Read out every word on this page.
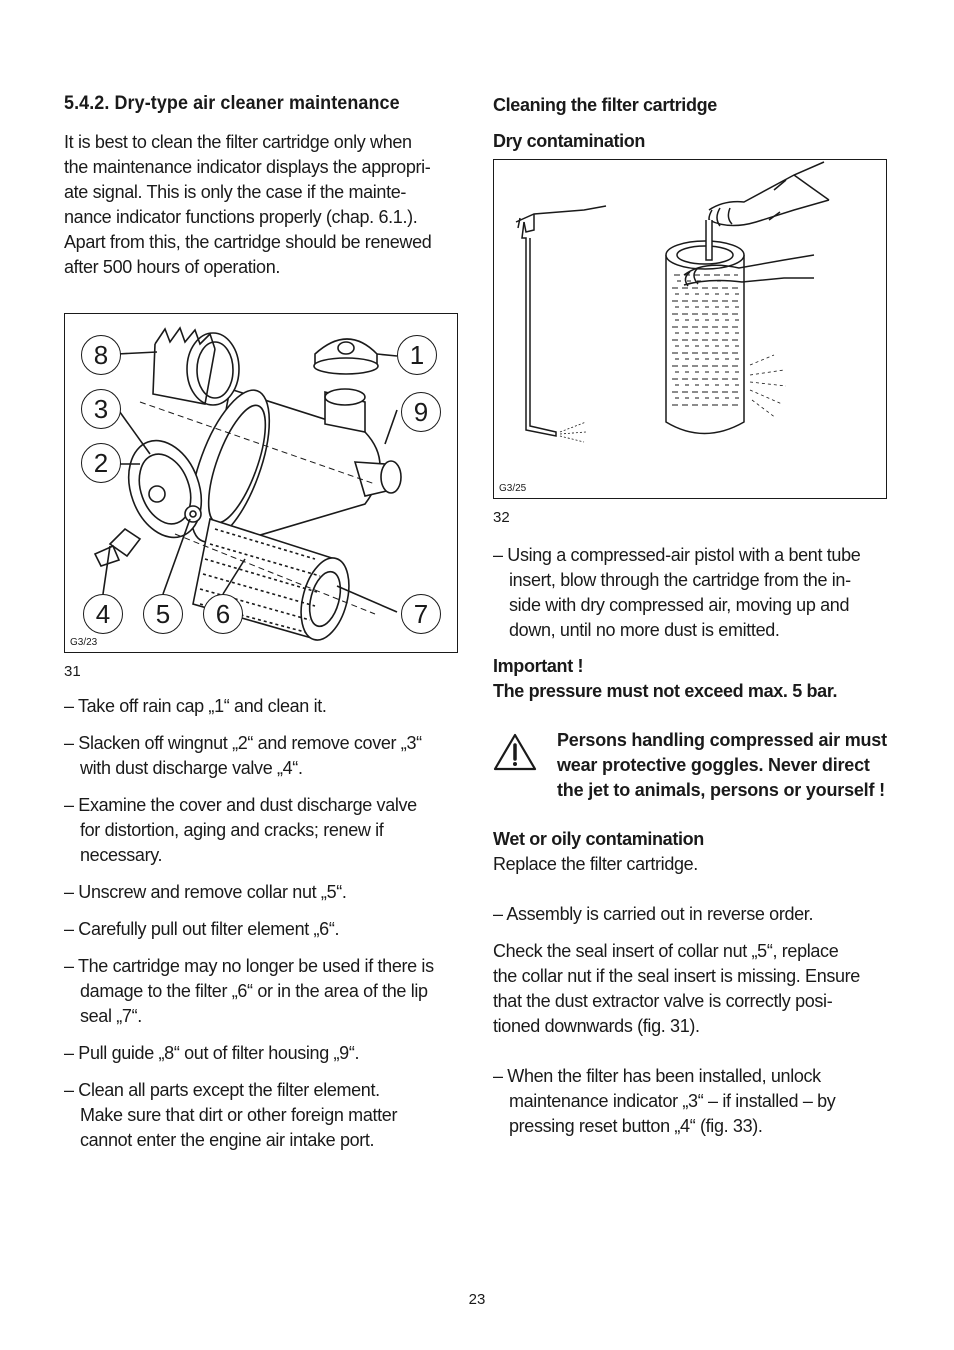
5.4.2. Dry-type air cleaner maintenance
It is best to clean the filter cartridge only when
the maintenance indicator displays the appropri-
ate signal. This is only the case if the mainte-
nance indicator functions properly (chap. 6.1.).
Apart from this, the cartridge should be renewed
after 500 hours of operation.
8	1
3	9
2
4	5	6	7
G3/23
31
– Take off rain cap „1“ and clean it.
– Slacken off wingnut „2“ and remove cover „3“
with dust discharge valve „4“.
– Examine the cover and dust discharge valve
for distortion, aging and cracks; renew if
necessary.
– Unscrew and remove collar nut „5“.
– Carefully pull out filter element „6“.
– The cartridge may no longer be used if there is
damage to the filter „6“ or in the area of the lip
seal „7“.
– Pull guide „8“ out of filter housing „9“.
– Clean all parts except the filter element.
Make sure that dirt or other foreign matter
cannot enter the engine air intake port.
Cleaning the filter cartridge
Dry contamination
G3/25
32
– Using a compressed-air pistol with a bent tube
insert, blow through the cartridge from the in-
side with dry compressed air, moving up and
down, until no more dust is emitted.
Important !
The pressure must not exceed max. 5 bar.
Persons handling compressed air must
wear protective goggles. Never direct
the jet to animals, persons or yourself !
Wet or oily contamination
Replace the filter cartridge.
– Assembly is carried out in reverse order.
Check the seal insert of collar nut „5“, replace
the collar nut if the seal insert is missing. Ensure
that the dust extractor valve is correctly posi-
tioned downwards (fig. 31).
– When the filter has been installed, unlock
maintenance indicator „3“ – if installed – by
pressing reset button „4“ (fig. 33).
23
